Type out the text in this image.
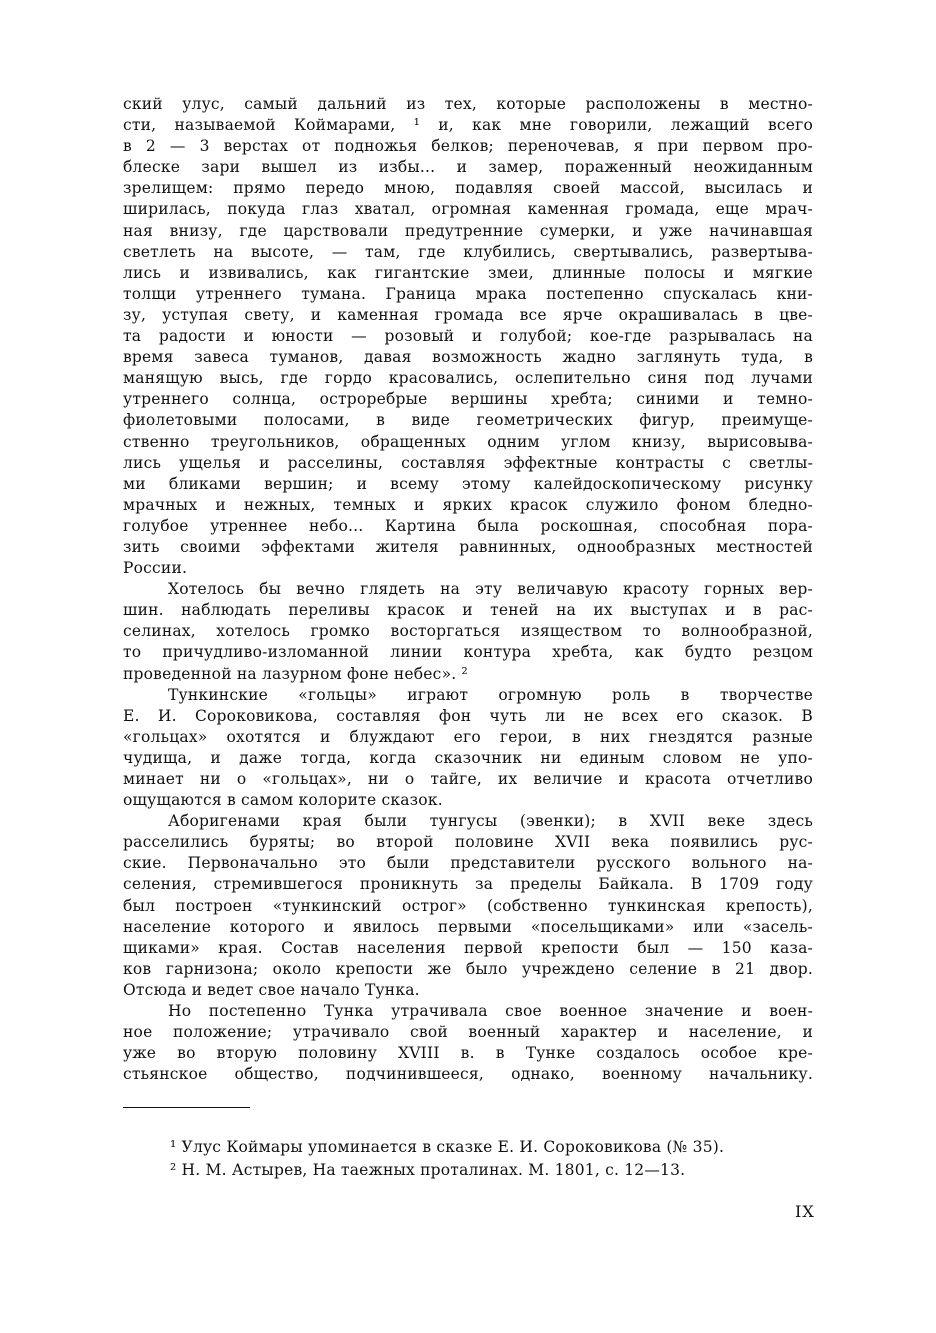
ский улус, самый дальний из тех, которые расположены в местно-
сти, называемой Коймарами, ¹ и, как мне говорили, лежащий всего
в 2 — 3 верстах от подножья белков; переночевав, я при первом про-
блеске зари вышел из избы... и замер, пораженный неожиданным
зрелищем: прямо передо мною, подавляя своей массой, высилась и
ширилась, покуда глаз хватал, огромная каменная громада, еще мрач-
ная внизу, где царствовали предутренние сумерки, и уже начинавшая
светлеть на высоте, — там, где клубились, свертывались, развертыва-
лись и извивались, как гигантские змеи, длинные полосы и мягкие
толщи утреннего тумана. Граница мрака постепенно спускалась кни-
зу, уступая свету, и каменная громада все ярче окрашивалась в цве-
та радости и юности — розовый и голубой; кое-где разрывалась на
время завеса туманов, давая возможность жадно заглянуть туда, в
манящую высь, где гордо красовались, ослепительно синя под лучами
утреннего солнца, остроребрые вершины хребта; синими и темно-
фиолетовыми полосами, в виде геометрических фигур, преимуще-
ственно треугольников, обращенных одним углом книзу, вырисовыва-
лись ущелья и расселины, составляя эффектные контрасты с светлы-
ми бликами вершин; и всему этому калейдоскопическому рисунку
мрачных и нежных, темных и ярких красок служило фоном бледно-
голубое утреннее небо... Картина была роскошная, способная пора-
зить своими эффектами жителя равнинных, однообразных местностей
России.
Хотелось бы вечно глядеть на эту величавую красоту горных вер-
шин. наблюдать переливы красок и теней на их выступах и в рас-
селинах, хотелось громко восторгаться изяществом то волнообразной,
то причудливо-изломанной линии контура хребта, как будто резцом
проведенной на лазурном фоне небес». ²
Тункинские «гольцы» играют огромную роль в творчестве
Е. И. Сороковикова, составляя фон чуть ли не всех его сказок. В
«гольцах» охотятся и блуждают его герои, в них гнездятся разные
чудища, и даже тогда, когда сказочник ни единым словом не упо-
минает ни о «гольцах», ни о тайге, их величие и красота отчетливо
ощущаются в самом колорите сказок.
Аборигенами края были тунгусы (эвенки); в XVII веке здесь
расселились буряты; во второй половине XVII века появились рус-
ские. Первоначально это были представители русского вольного на-
селения, стремившегося проникнуть за пределы Байкала. В 1709 году
был построен «тункинский острог» (собственно тункинская крепость),
население которого и явилось первыми «посельщиками» или «засель-
щиками» края. Состав населения первой крепости был — 150 каза-
ков гарнизона; около крепости же было учреждено селение в 21 двор.
Отсюда и ведет свое начало Тунка.
Но постепенно Тунка утрачивала свое военное значение и воен-
ное положение; утрачивало свой военный характер и население, и
уже во вторую половину XVIII в. в Тунке создалось особое кре-
стьянское общество, подчинившееся, однако, военному начальнику.
¹ Улус Коймары упоминается в сказке Е. И. Сороковикова (№ 35).
² Н. М. Астырев, На таежных проталинах. М. 1801, с. 12—13.
IX
